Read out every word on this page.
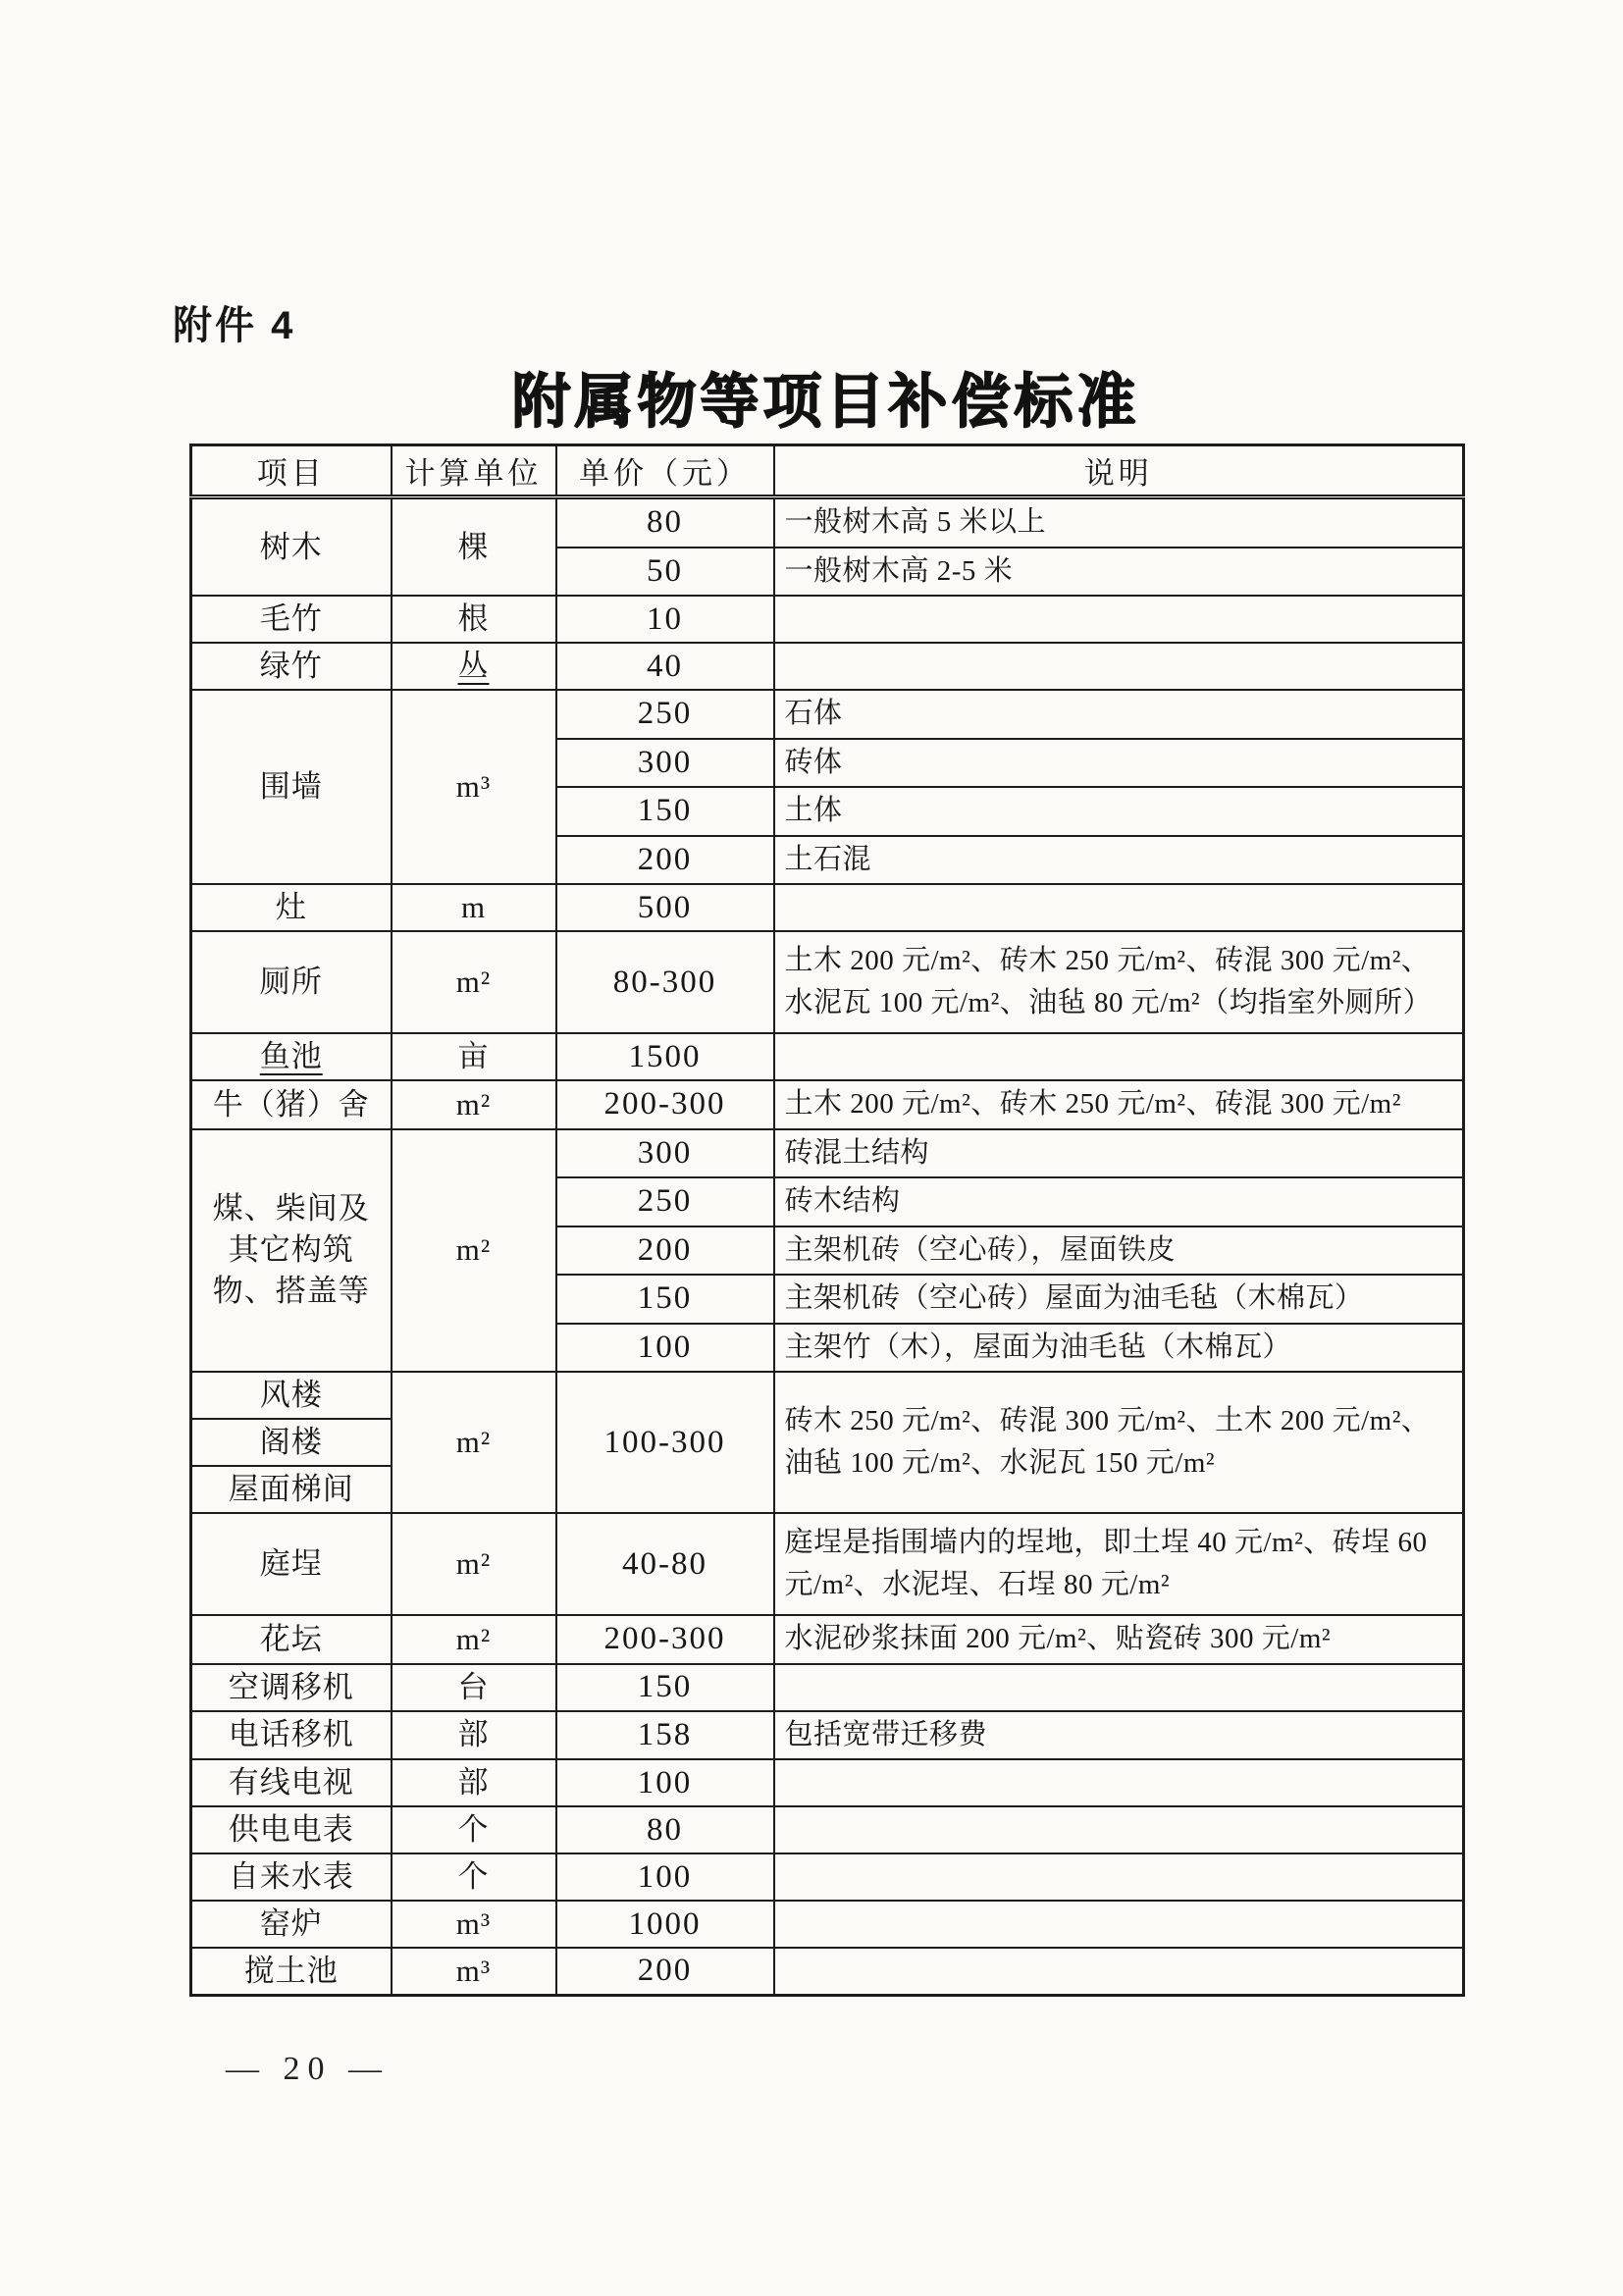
附件 4
附属物等项目补偿标准
项目	计算单位	单价（元）	说明
树木	棵	80	一般树木高 5 米以上
		50	一般树木高 2-5 米
毛竹	根	10	
绿竹	丛	40	
围墙	m³	250	石体
		300	砖体
		150	土体
		200	土石混
灶	m	500	
厕所	m²	80-300	土木 200 元/m²、砖木 250 元/m²、砖混 300 元/m²、水泥瓦 100 元/m²、油毡 80 元/m²（均指室外厕所）
鱼池	亩	1500	
牛（猪）舍	m²	200-300	土木 200 元/m²、砖木 250 元/m²、砖混 300 元/m²
煤、柴间及其它构筑物、搭盖等	m²	300	砖混土结构
		250	砖木结构
		200	主架机砖（空心砖），屋面铁皮
		150	主架机砖（空心砖）屋面为油毛毡（木棉瓦）
		100	主架竹（木），屋面为油毛毡（木棉瓦）
风楼	m²	100-300	砖木 250 元/m²、砖混 300 元/m²、土木 200 元/m²、油毡 100 元/m²、水泥瓦 150 元/m²
阁楼			
屋面梯间			
庭埕	m²	40-80	庭埕是指围墙内的埕地，即土埕 40 元/m²、砖埕 60 元/m²、水泥埕、石埕 80 元/m²
花坛	m²	200-300	水泥砂浆抹面 200 元/m²、贴瓷砖 300 元/m²
空调移机	台	150	
电话移机	部	158	包括宽带迁移费
有线电视	部	100	
供电电表	个	80	
自来水表	个	100	
窑炉	m³	1000	
搅土池	m³	200	
— 20 —
